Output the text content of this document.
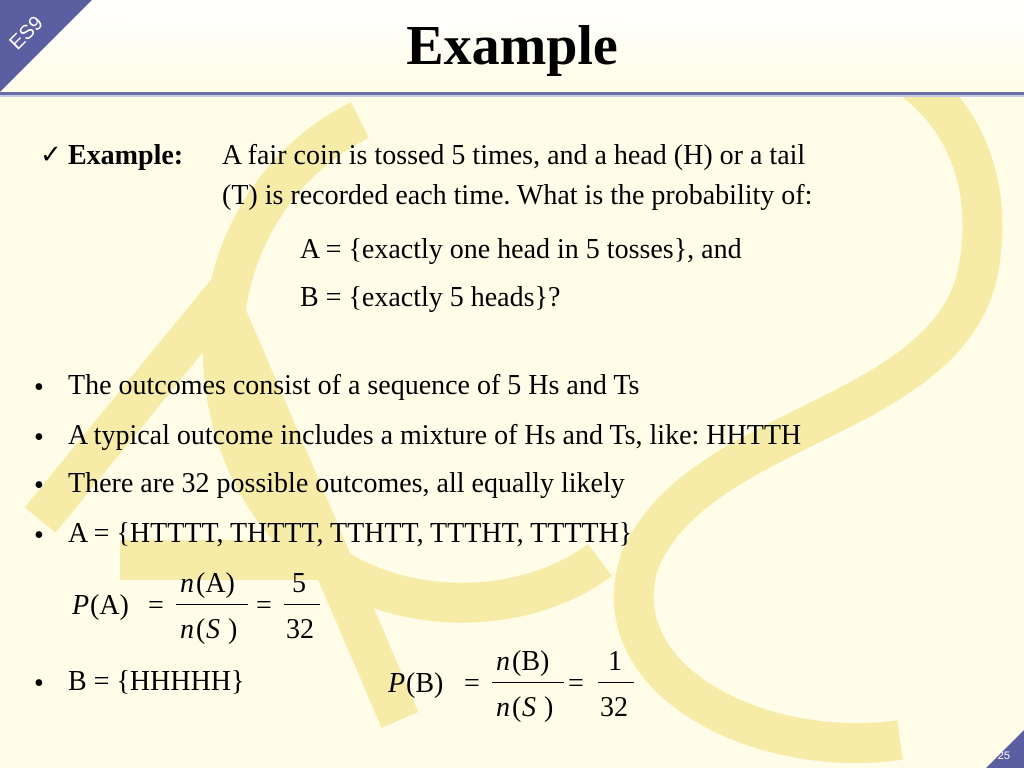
ES9	Example
✓ Example: A fair coin is tossed 5 times, and a head (H) or a tail
(T) is recorded each time. What is the probability of:
A = {exactly one head in 5 tosses}, and
B = {exactly 5 heads}?
• The outcomes consist of a sequence of 5 Hs and Ts
• A typical outcome includes a mixture of Hs and Ts, like: HHTTH
• There are 32 possible outcomes, all equally likely
• A = {HTTTT, THTTT, TTHTT, TTTHT, TTTTH}
P (A) =
n (A)
n ( S )
=
5
32
• B = {HHHHH}	P (B) =
n (B)
n ( S )
=
1
32
25
